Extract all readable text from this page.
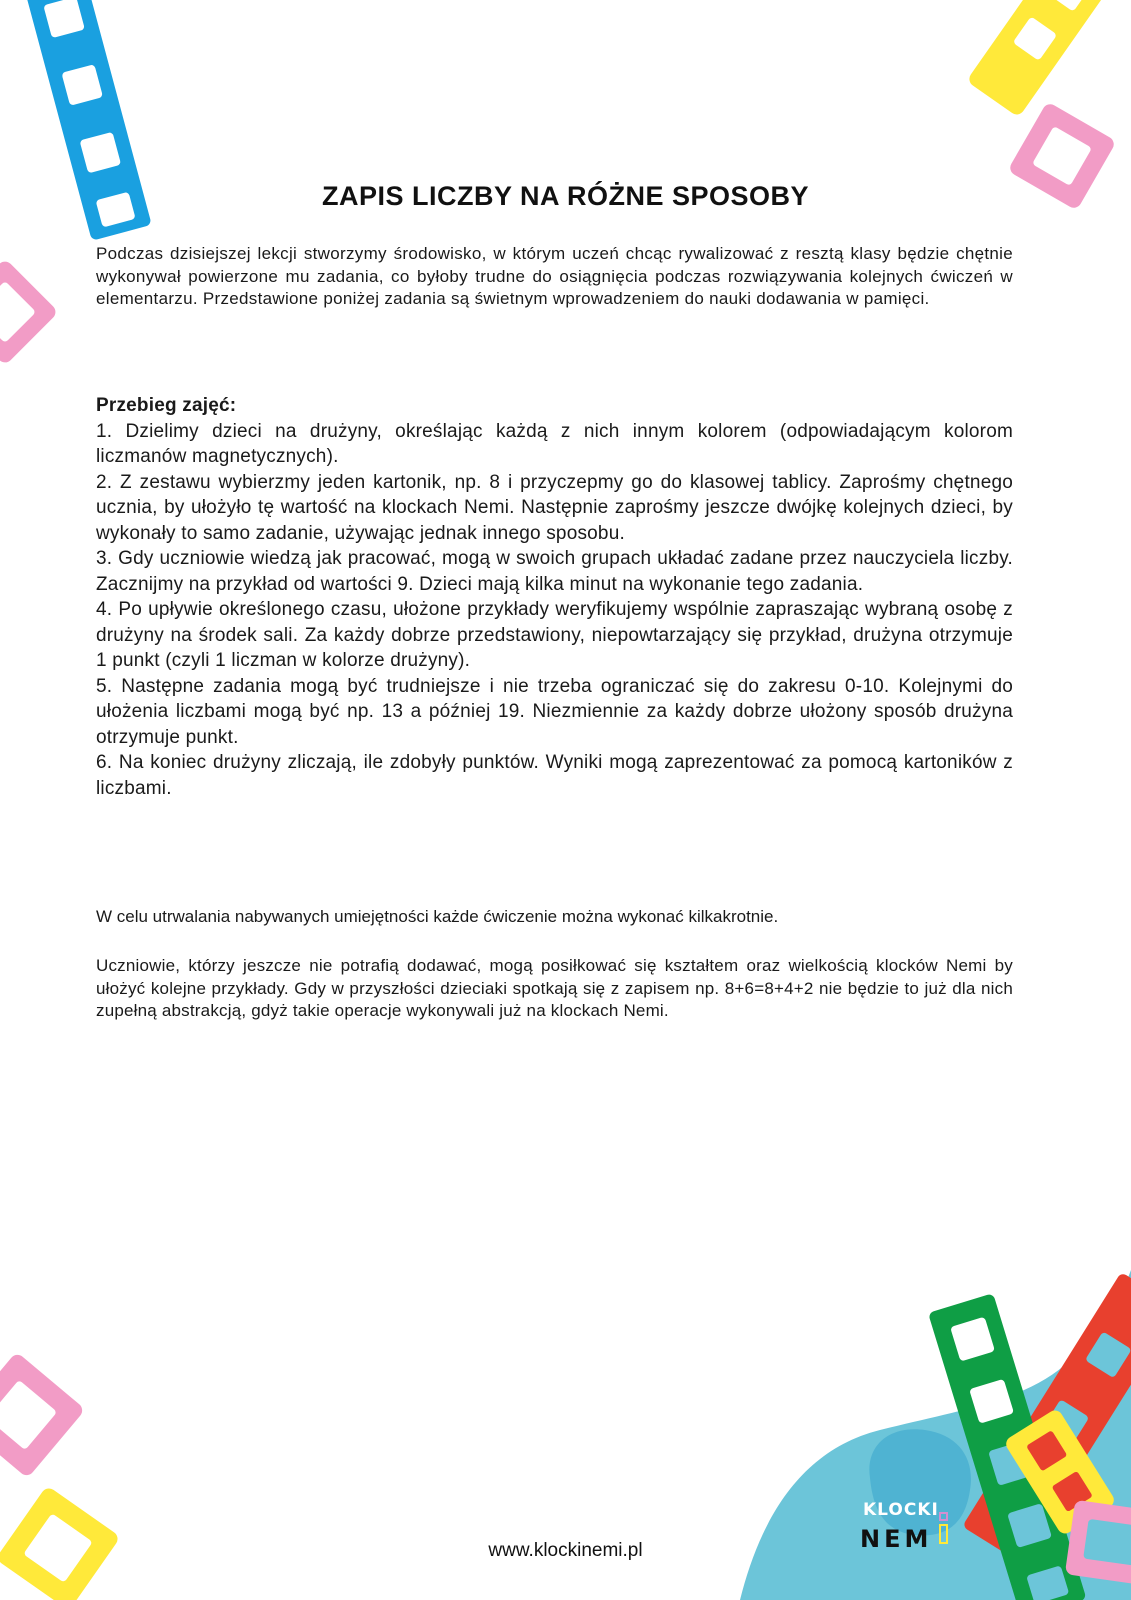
KLOCKI
NEM
ZAPIS LICZBY NA RÓŻNE SPOSOBY

Podczas dzisiejszej lekcji stworzymy środowisko, w którym uczeń chcąc rywalizować z resztą klasy będzie chętnie wykonywał powierzone mu zadania, co byłoby trudne do osiągnięcia podczas rozwiązywania kolejnych ćwiczeń w elementarzu. Przedstawione poniżej zadania są świetnym wprowadzeniem do nauki dodawania w pamięci.

Przebieg zajęć:
1. Dzielimy dzieci na drużyny, określając każdą z nich innym kolorem (odpowiadającym kolorom liczmanów magnetycznych).
2. Z zestawu wybierzmy jeden kartonik, np. 8 i przyczepmy go do klasowej tablicy. Zaprośmy chętnego ucznia, by ułożyło tę wartość na klockach Nemi. Następnie zaprośmy jeszcze dwójkę kolejnych dzieci, by wykonały to samo zadanie, używając jednak innego sposobu.
3. Gdy uczniowie wiedzą jak pracować, mogą w swoich grupach układać zadane przez nauczyciela liczby. Zacznijmy na przykład od wartości 9. Dzieci mają kilka minut na wykonanie tego zadania.
4. Po upływie określonego czasu, ułożone przykłady weryfikujemy wspólnie zapraszając wybraną osobę z drużyny na środek sali. Za każdy dobrze przedstawiony, niepowtarzający się przykład, drużyna otrzymuje 1 punkt (czyli 1 liczman w kolorze drużyny).
5. Następne zadania mogą być trudniejsze i nie trzeba ograniczać się do zakresu 0-10. Kolejnymi do ułożenia liczbami mogą być np. 13 a później 19. Niezmiennie za każdy dobrze ułożony sposób drużyna otrzymuje punkt.
6. Na koniec drużyny zliczają, ile zdobyły punktów. Wyniki mogą zaprezentować za pomocą kartoników z liczbami.

W celu utrwalania nabywanych umiejętności każde ćwiczenie można wykonać kilkakrotnie.

Uczniowie, którzy jeszcze nie potrafią dodawać, mogą posiłkować się kształtem oraz wielkością klocków Nemi by ułożyć kolejne przykłady. Gdy w przyszłości dzieciaki spotkają się z zapisem np. 8+6=8+4+2 nie będzie to już dla nich zupełną abstrakcją, gdyż takie operacje wykonywali już na klockach Nemi.

www.klockinemi.pl
